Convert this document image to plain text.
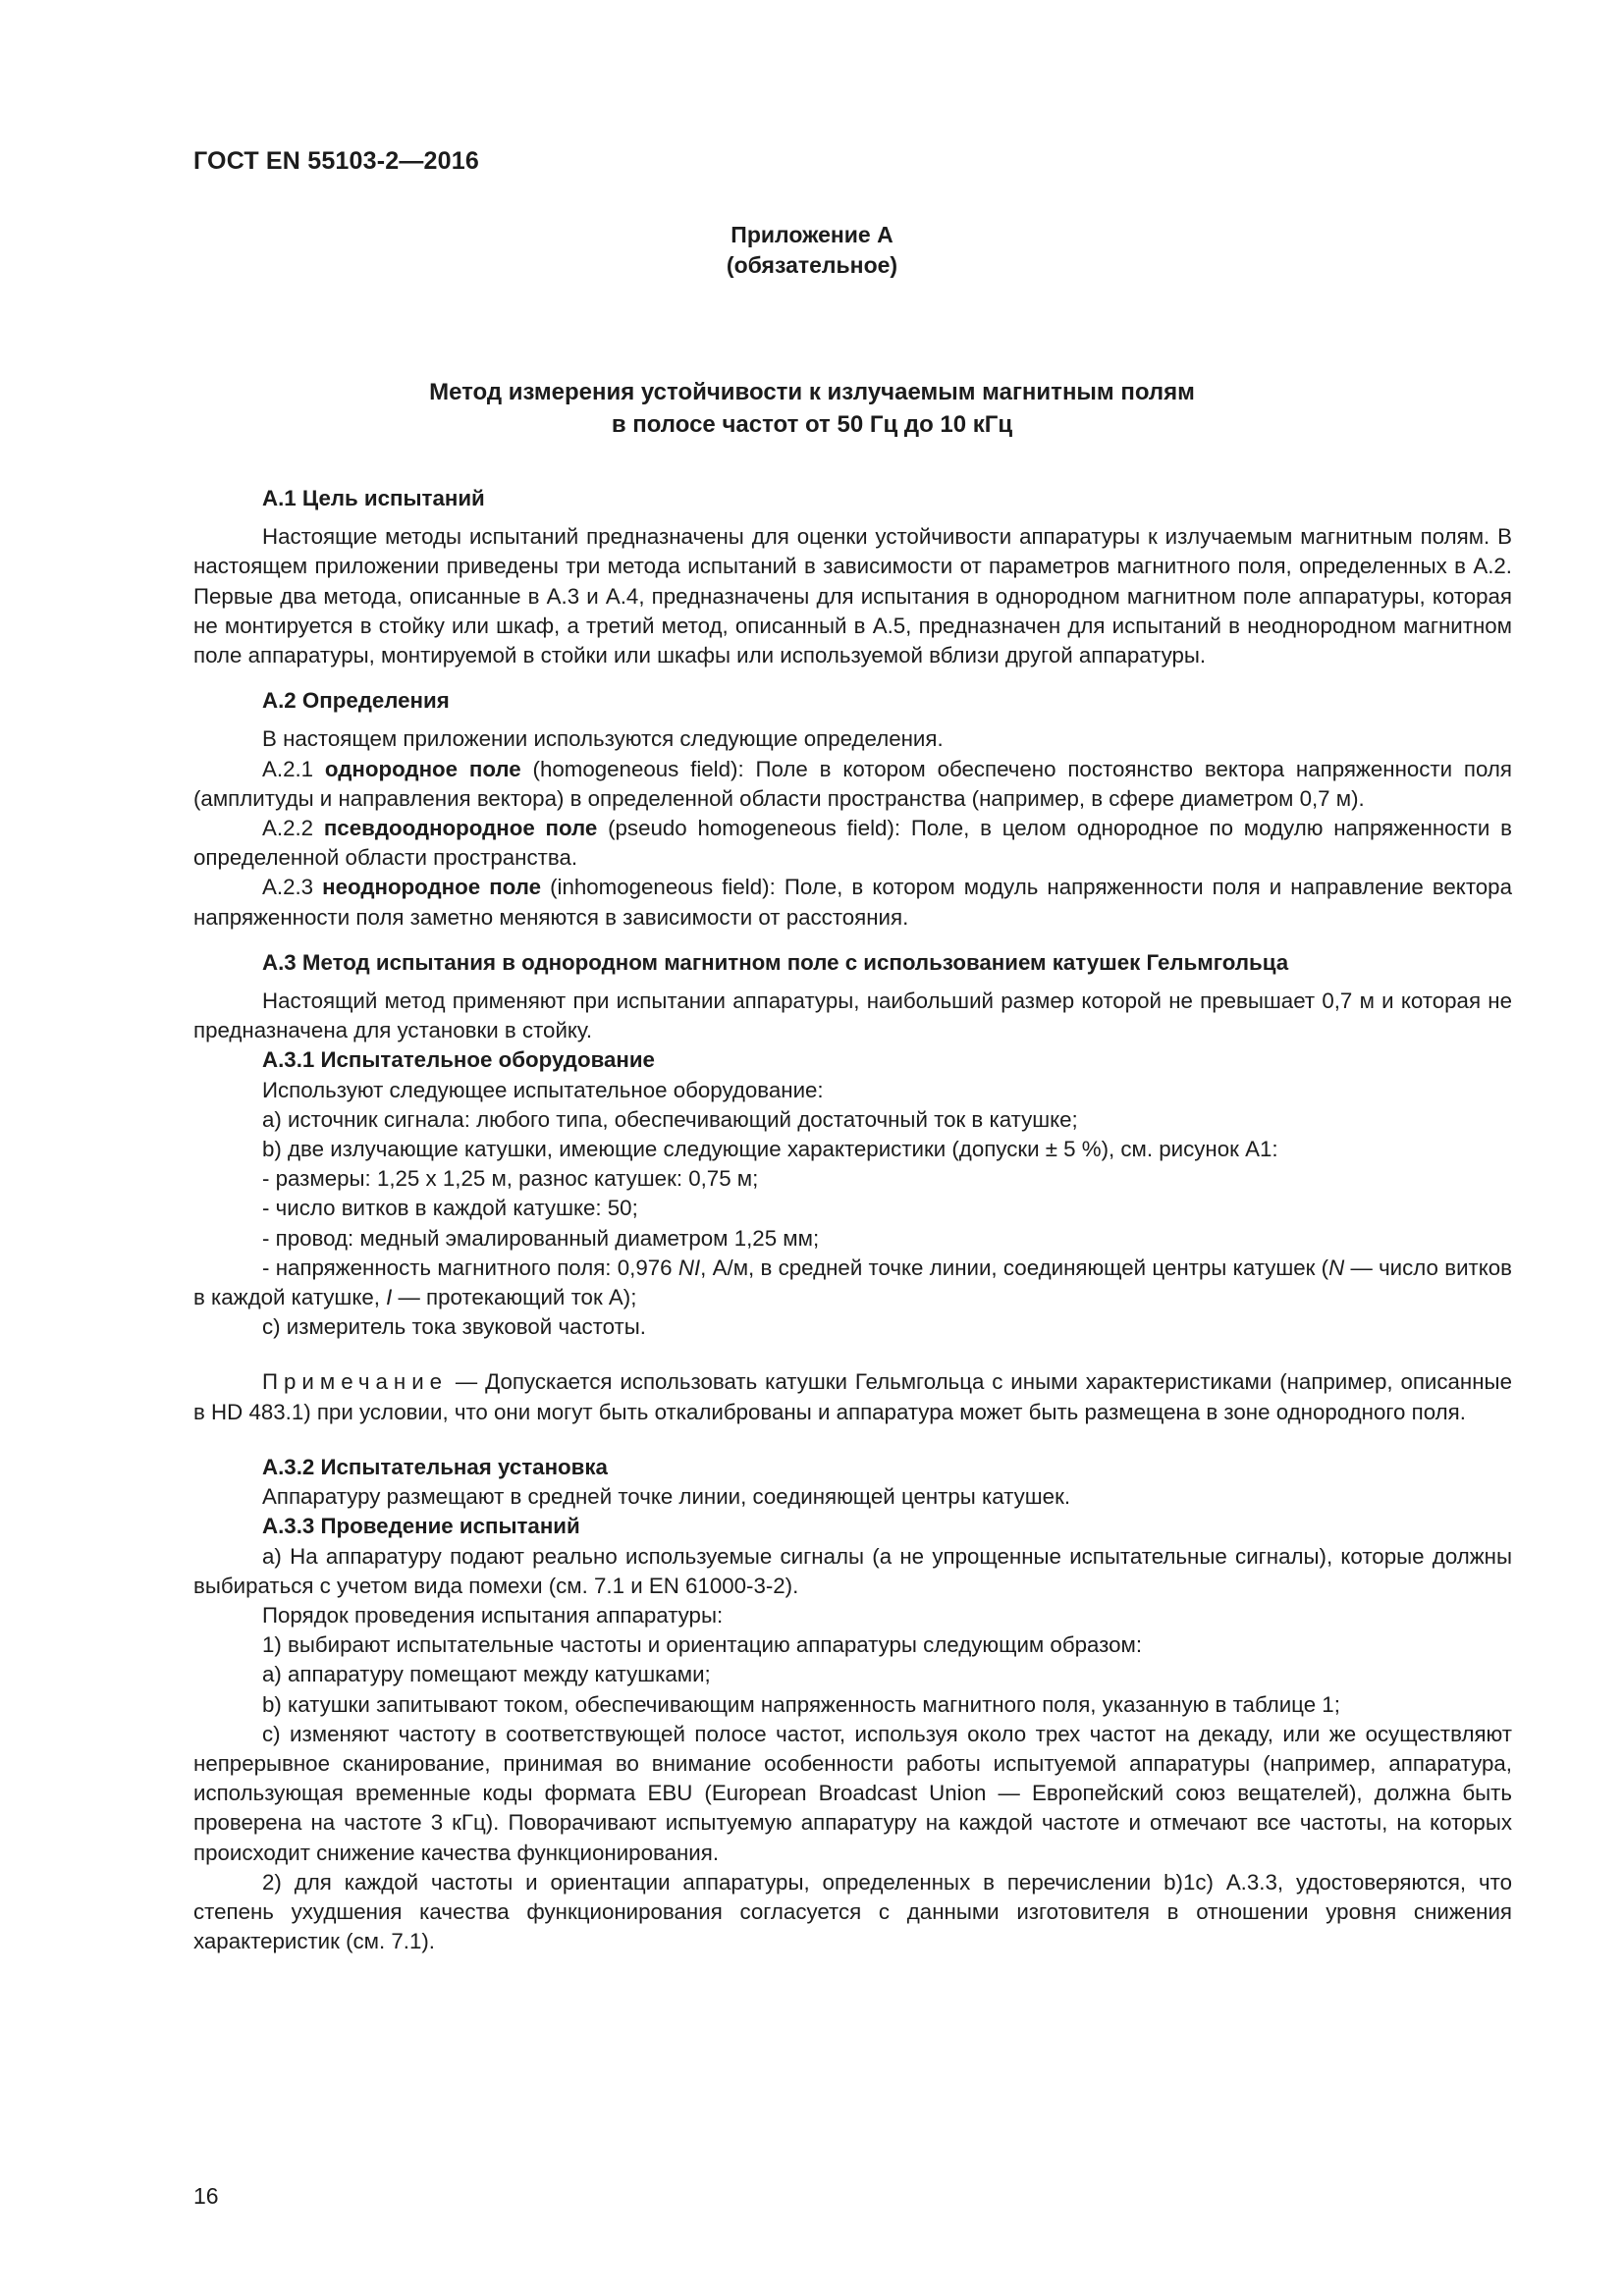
ГОСТ EN 55103-2—2016
Приложение А
(обязательное)
Метод измерения устойчивости к излучаемым магнитным полям
в полосе частот от 50 Гц до 10 кГц

А.1 Цель испытаний

Настоящие методы испытаний предназначены для оценки устойчивости аппаратуры к излучаемым магнитным полям. В настоящем приложении приведены три метода испытаний в зависимости от параметров магнитного поля, определенных в А.2. Первые два метода, описанные в А.3 и А.4, предназначены для испытания в однородном магнитном поле аппаратуры, которая не монтируется в стойку или шкаф, а третий метод, описанный в А.5, предназначен для испытаний в неоднородном магнитном поле аппаратуры, монтируемой в стойки или шкафы или используемой вблизи другой аппаратуры.

А.2 Определения

В настоящем приложении используются следующие определения.

А.2.1 однородное поле (homogeneous field): Поле в котором обеспечено постоянство вектора напряженности поля (амплитуды и направления вектора) в определенной области пространства (например, в сфере диаметром 0,7 м).

А.2.2 псевдооднородное поле (pseudo homogeneous field): Поле, в целом однородное по модулю напряженности в определенной области пространства.

А.2.3 неоднородное поле (inhomogeneous field): Поле, в котором модуль напряженности поля и направление вектора напряженности поля заметно меняются в зависимости от расстояния.

А.3 Метод испытания в однородном магнитном поле с использованием катушек Гельмгольца

Настоящий метод применяют при испытании аппаратуры, наибольший размер которой не превышает 0,7 м и которая не предназначена для установки в стойку.

А.3.1 Испытательное оборудование

Используют следующее испытательное оборудование:

а) источник сигнала: любого типа, обеспечивающий достаточный ток в катушке;

b) две излучающие катушки, имеющие следующие характеристики (допуски ± 5 %), см. рисунок А1:

- размеры: 1,25 x 1,25 м, разнос катушек: 0,75 м;

- число витков в каждой катушке: 50;

- провод: медный эмалированный диаметром 1,25 мм;

- напряженность магнитного поля: 0,976 NI, А/м, в средней точке линии, соединяющей центры катушек (N — число витков в каждой катушке, I — протекающий ток А);

с) измеритель тока звуковой частоты.

Примечание — Допускается использовать катушки Гельмгольца с иными характеристиками (например, описанные в HD 483.1) при условии, что они могут быть откалиброваны и аппаратура может быть размещена в зоне однородного поля.

А.3.2 Испытательная установка

Аппаратуру размещают в средней точке линии, соединяющей центры катушек.

А.3.3 Проведение испытаний

а) На аппаратуру подают реально используемые сигналы (а не упрощенные испытательные сигналы), которые должны выбираться с учетом вида помехи (см. 7.1 и EN 61000-3-2).

Порядок проведения испытания аппаратуры:

1) выбирают испытательные частоты и ориентацию аппаратуры следующим образом:

а) аппаратуру помещают между катушками;

b) катушки запитывают током, обеспечивающим напряженность магнитного поля, указанную в таблице 1;

с) изменяют частоту в соответствующей полосе частот, используя около трех частот на декаду, или же осуществляют непрерывное сканирование, принимая во внимание особенности работы испытуемой аппаратуры (например, аппаратура, использующая временные коды формата EBU (European Broadcast Union — Европейский союз вещателей), должна быть проверена на частоте 3 кГц). Поворачивают испытуемую аппаратуру на каждой частоте и отмечают все частоты, на которых происходит снижение качества функционирования.

2) для каждой частоты и ориентации аппаратуры, определенных в перечислении b)1с) А.3.3, удостоверяются, что степень ухудшения качества функционирования согласуется с данными изготовителя в отношении уровня снижения характеристик (см. 7.1).

16
